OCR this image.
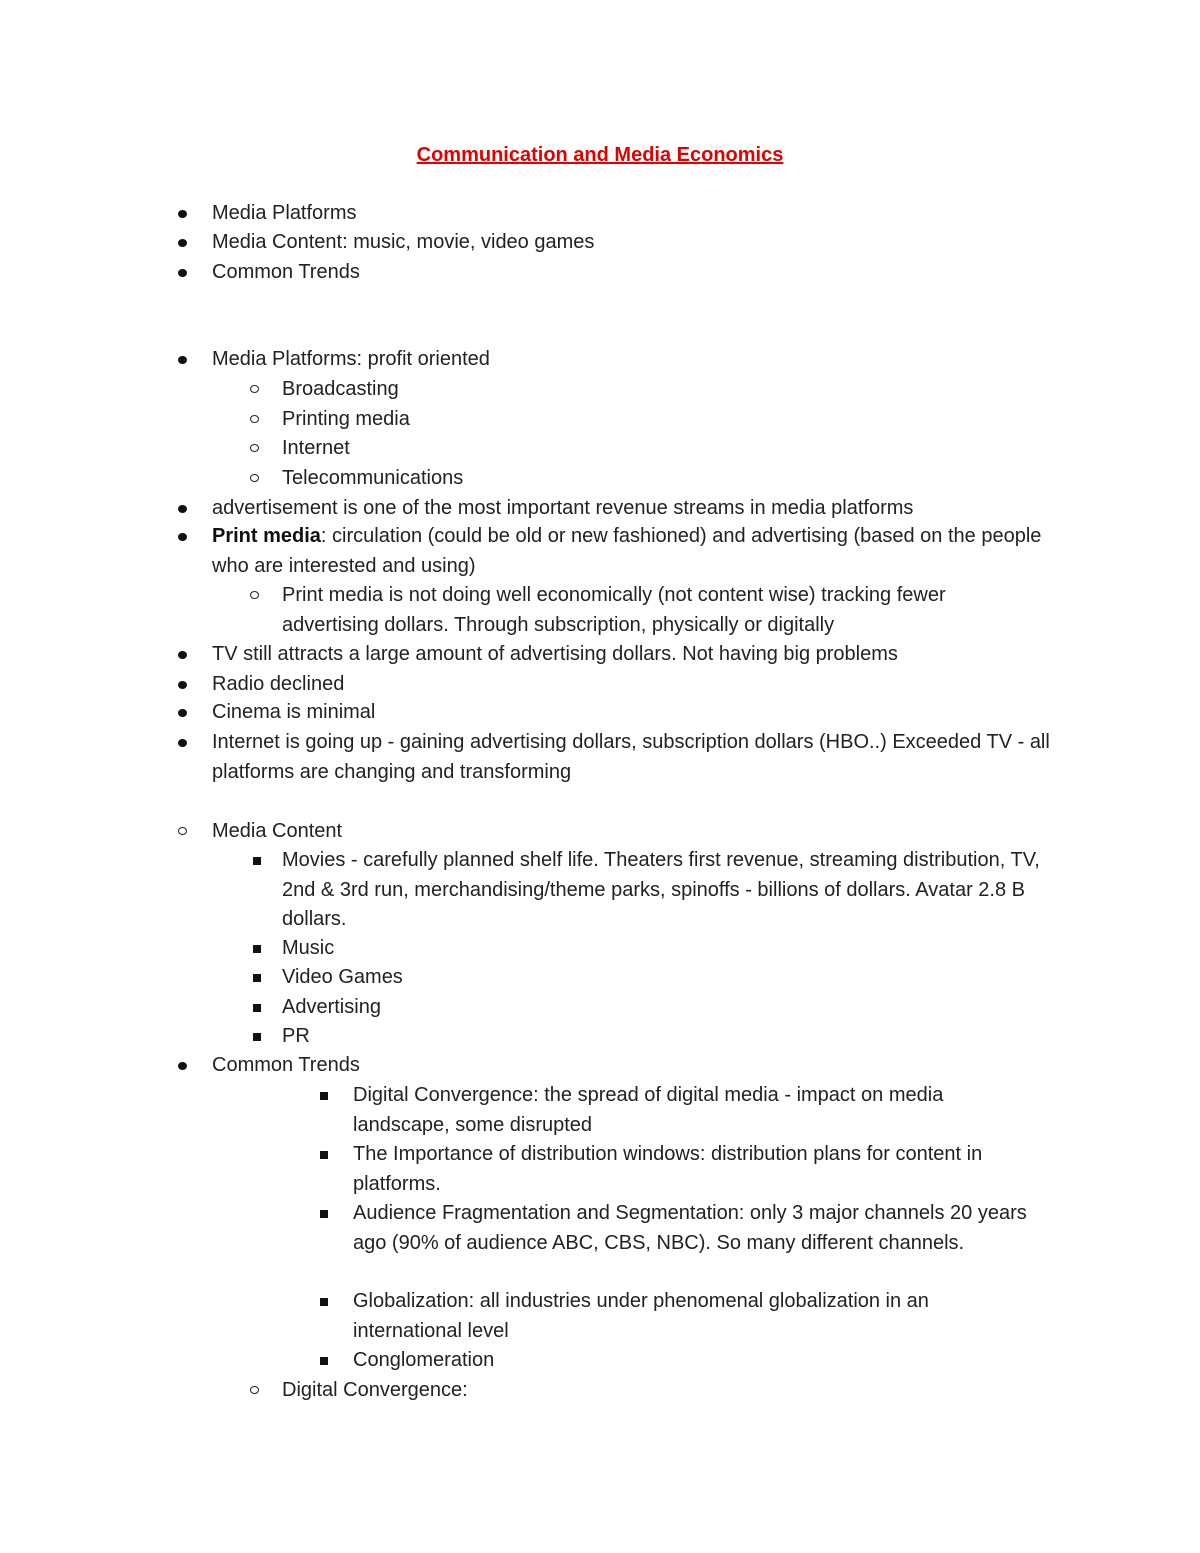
Communication and Media Economics
Media Platforms
Media Content: music, movie, video games
Common Trends
Media Platforms: profit oriented
Broadcasting
Printing media
Internet
Telecommunications
advertisement is one of the most important revenue streams in media platforms
Print media: circulation (could be old or new fashioned) and advertising (based on the people who are interested and using)
Print media is not doing well economically (not content wise) tracking fewer advertising dollars. Through subscription, physically or digitally
TV still attracts a large amount of advertising dollars. Not having big problems
Radio declined
Cinema is minimal
Internet is going up - gaining advertising dollars, subscription dollars (HBO..) Exceeded TV - all platforms are changing and transforming
Media Content
Movies - carefully planned shelf life. Theaters first revenue, streaming distribution, TV, 2nd & 3rd run, merchandising/theme parks, spinoffs - billions of dollars. Avatar 2.8 B dollars.
Music
Video Games
Advertising
PR
Common Trends
Digital Convergence: the spread of digital media - impact on media landscape, some disrupted
The Importance of distribution windows: distribution plans for content in platforms.
Audience Fragmentation and Segmentation: only 3 major channels 20 years ago (90% of audience ABC, CBS, NBC). So many different channels.
Globalization: all industries under phenomenal globalization in an international level
Conglomeration
Digital Convergence:
